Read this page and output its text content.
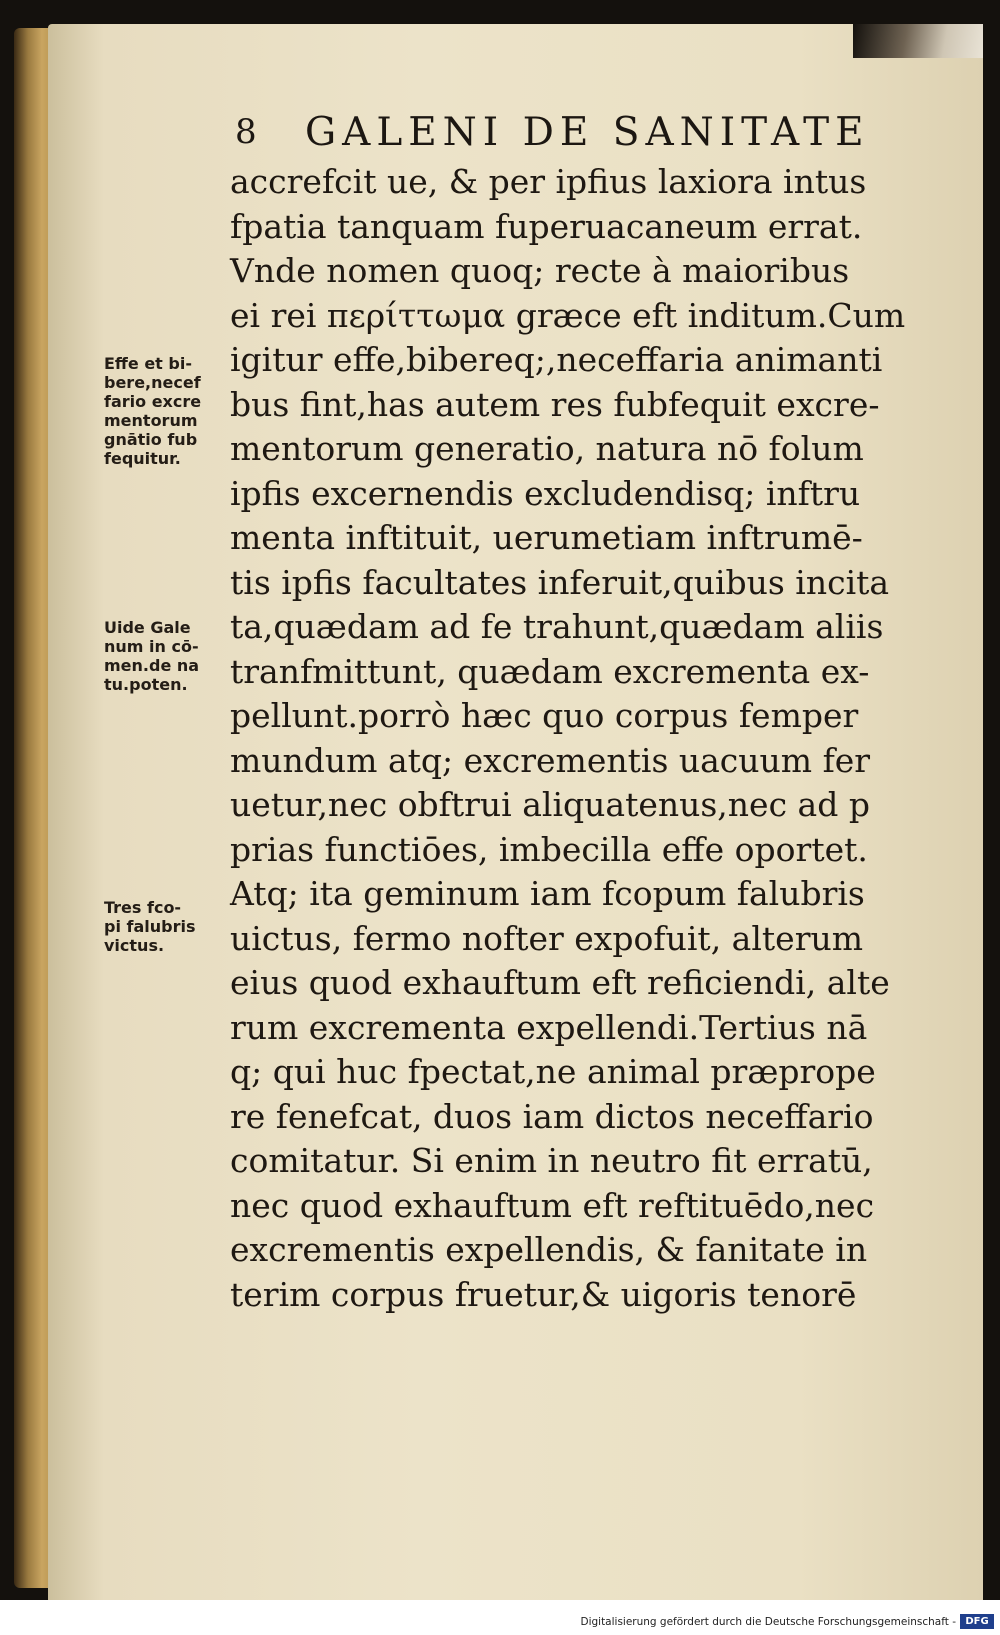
8 GALENI DE SANITATE
accrefcit ue, & per ipfius laxiora intus
fpatia tanquam fuperuacaneum errat.
Vnde nomen quoq; recte à maioribus
ei rei περίττωμα græce eft inditum.Cum
igitur effe,bibereq;,neceffaria animanti
bus fint,has autem res fubfequit excre-
mentorum generatio, natura nō folum
ipfis excernendis excludendisq; inftru
menta inftituit, uerumetiam inftrumē-
tis ipfis facultates inferuit,quibus incita
ta,quædam ad fe trahunt,quædam aliis
tranfmittunt, quædam excrementa ex-
pellunt.porrò hæc quo corpus femper
mundum atq; excrementis uacuum fer
uetur,nec obftrui aliquatenus,nec ad p
prias functiōes, imbecilla effe oportet.
Atq; ita geminum iam fcopum falubris
uictus, fermo nofter expofuit, alterum
eius quod exhauftum eft reficiendi, alte
rum excrementa expellendi.Tertius nā
q; qui huc fpectat,ne animal præprope
re fenefcat, duos iam dictos neceffario
comitatur. Si enim in neutro fit erratū,
nec quod exhauftum eft reftituēdo,nec
excrementis expellendis, & fanitate in
terim corpus fruetur,& uigoris tenorē
Effe et bi-
bere,necef
fario excre
mentorum
gnātio fub
fequitur.
Uide Gale
num in cō-
men.de na
tu.poten.
Tres fco-
pi falubris
victus.
Digitalisierung gefördert durch die Deutsche Forschungsgemeinschaft - DFG
